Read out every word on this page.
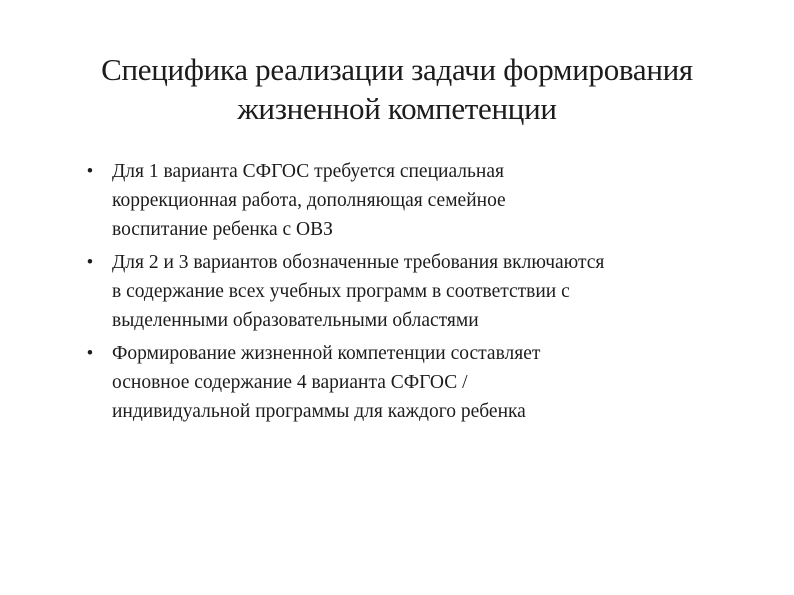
Специфика реализации задачи формирования
жизненной компетенции
• Для 1 варианта СФГОС требуется специальная
коррекционная работа, дополняющая семейное
воспитание ребенка с ОВЗ
• Для 2 и 3 вариантов обозначенные требования включаются
в содержание всех учебных программ в соответствии с
выделенными образовательными областями
• Формирование жизненной компетенции составляет
основное содержание 4 варианта СФГОС /
индивидуальной программы для каждого ребенка
